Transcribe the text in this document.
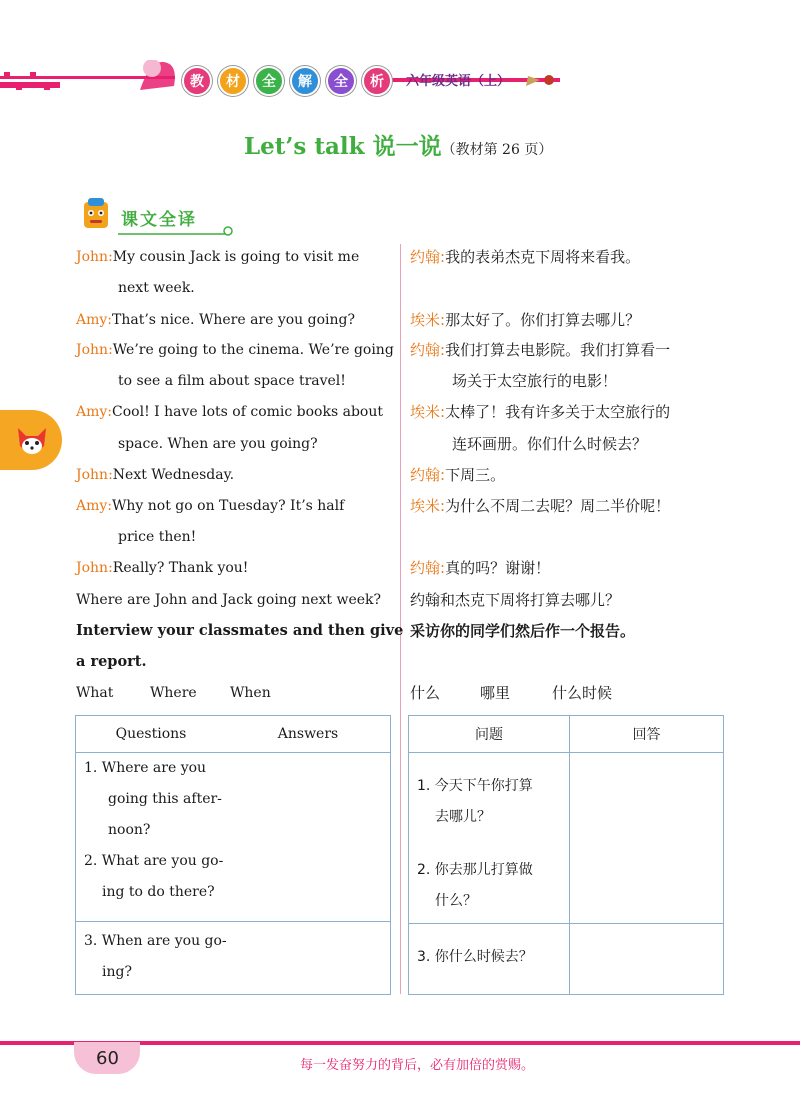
教	材	全	解	全	析	六年级英语（上）
Let’s talk 说一说（教材第 26 页）
课文全译
John:My cousin Jack is going to visit me
next week.
Amy:That’s nice. Where are you going?
John:We’re going to the cinema. We’re going
to see a film about space travel!
Amy:Cool! I have lots of comic books about
space. When are you going?
John:Next Wednesday.
Amy:Why not go on Tuesday? It’s half
price then!
John:Really? Thank you!
Where are John and Jack going next week?
Interview your classmates and then give
a report.
What	Where When
约翰:我的表弟杰克下周将来看我。
埃米:那太好了。你们打算去哪儿？
约翰:我们打算去电影院。我们打算看一
场关于太空旅行的电影！
埃米:太棒了！我有许多关于太空旅行的
连环画册。你们什么时候去？
约翰:下周三。
埃米:为什么不周二去呢？周二半价呢！
约翰:真的吗？谢谢！
约翰和杰克下周将打算去哪儿？
采访你的同学们然后作一个报告。
什么	哪里	什么时候
Questions	Answers

1. Where are you
going this after-
noon?
2. What are you go-
ing to do there?

3. When are you go-
ing?
问题	回答

1. 今天下午你打算
去哪儿？
2. 你去那儿打算做
什么？	

3. 你什么时候去？	

60	每一发奋努力的背后，必有加倍的赏赐。
